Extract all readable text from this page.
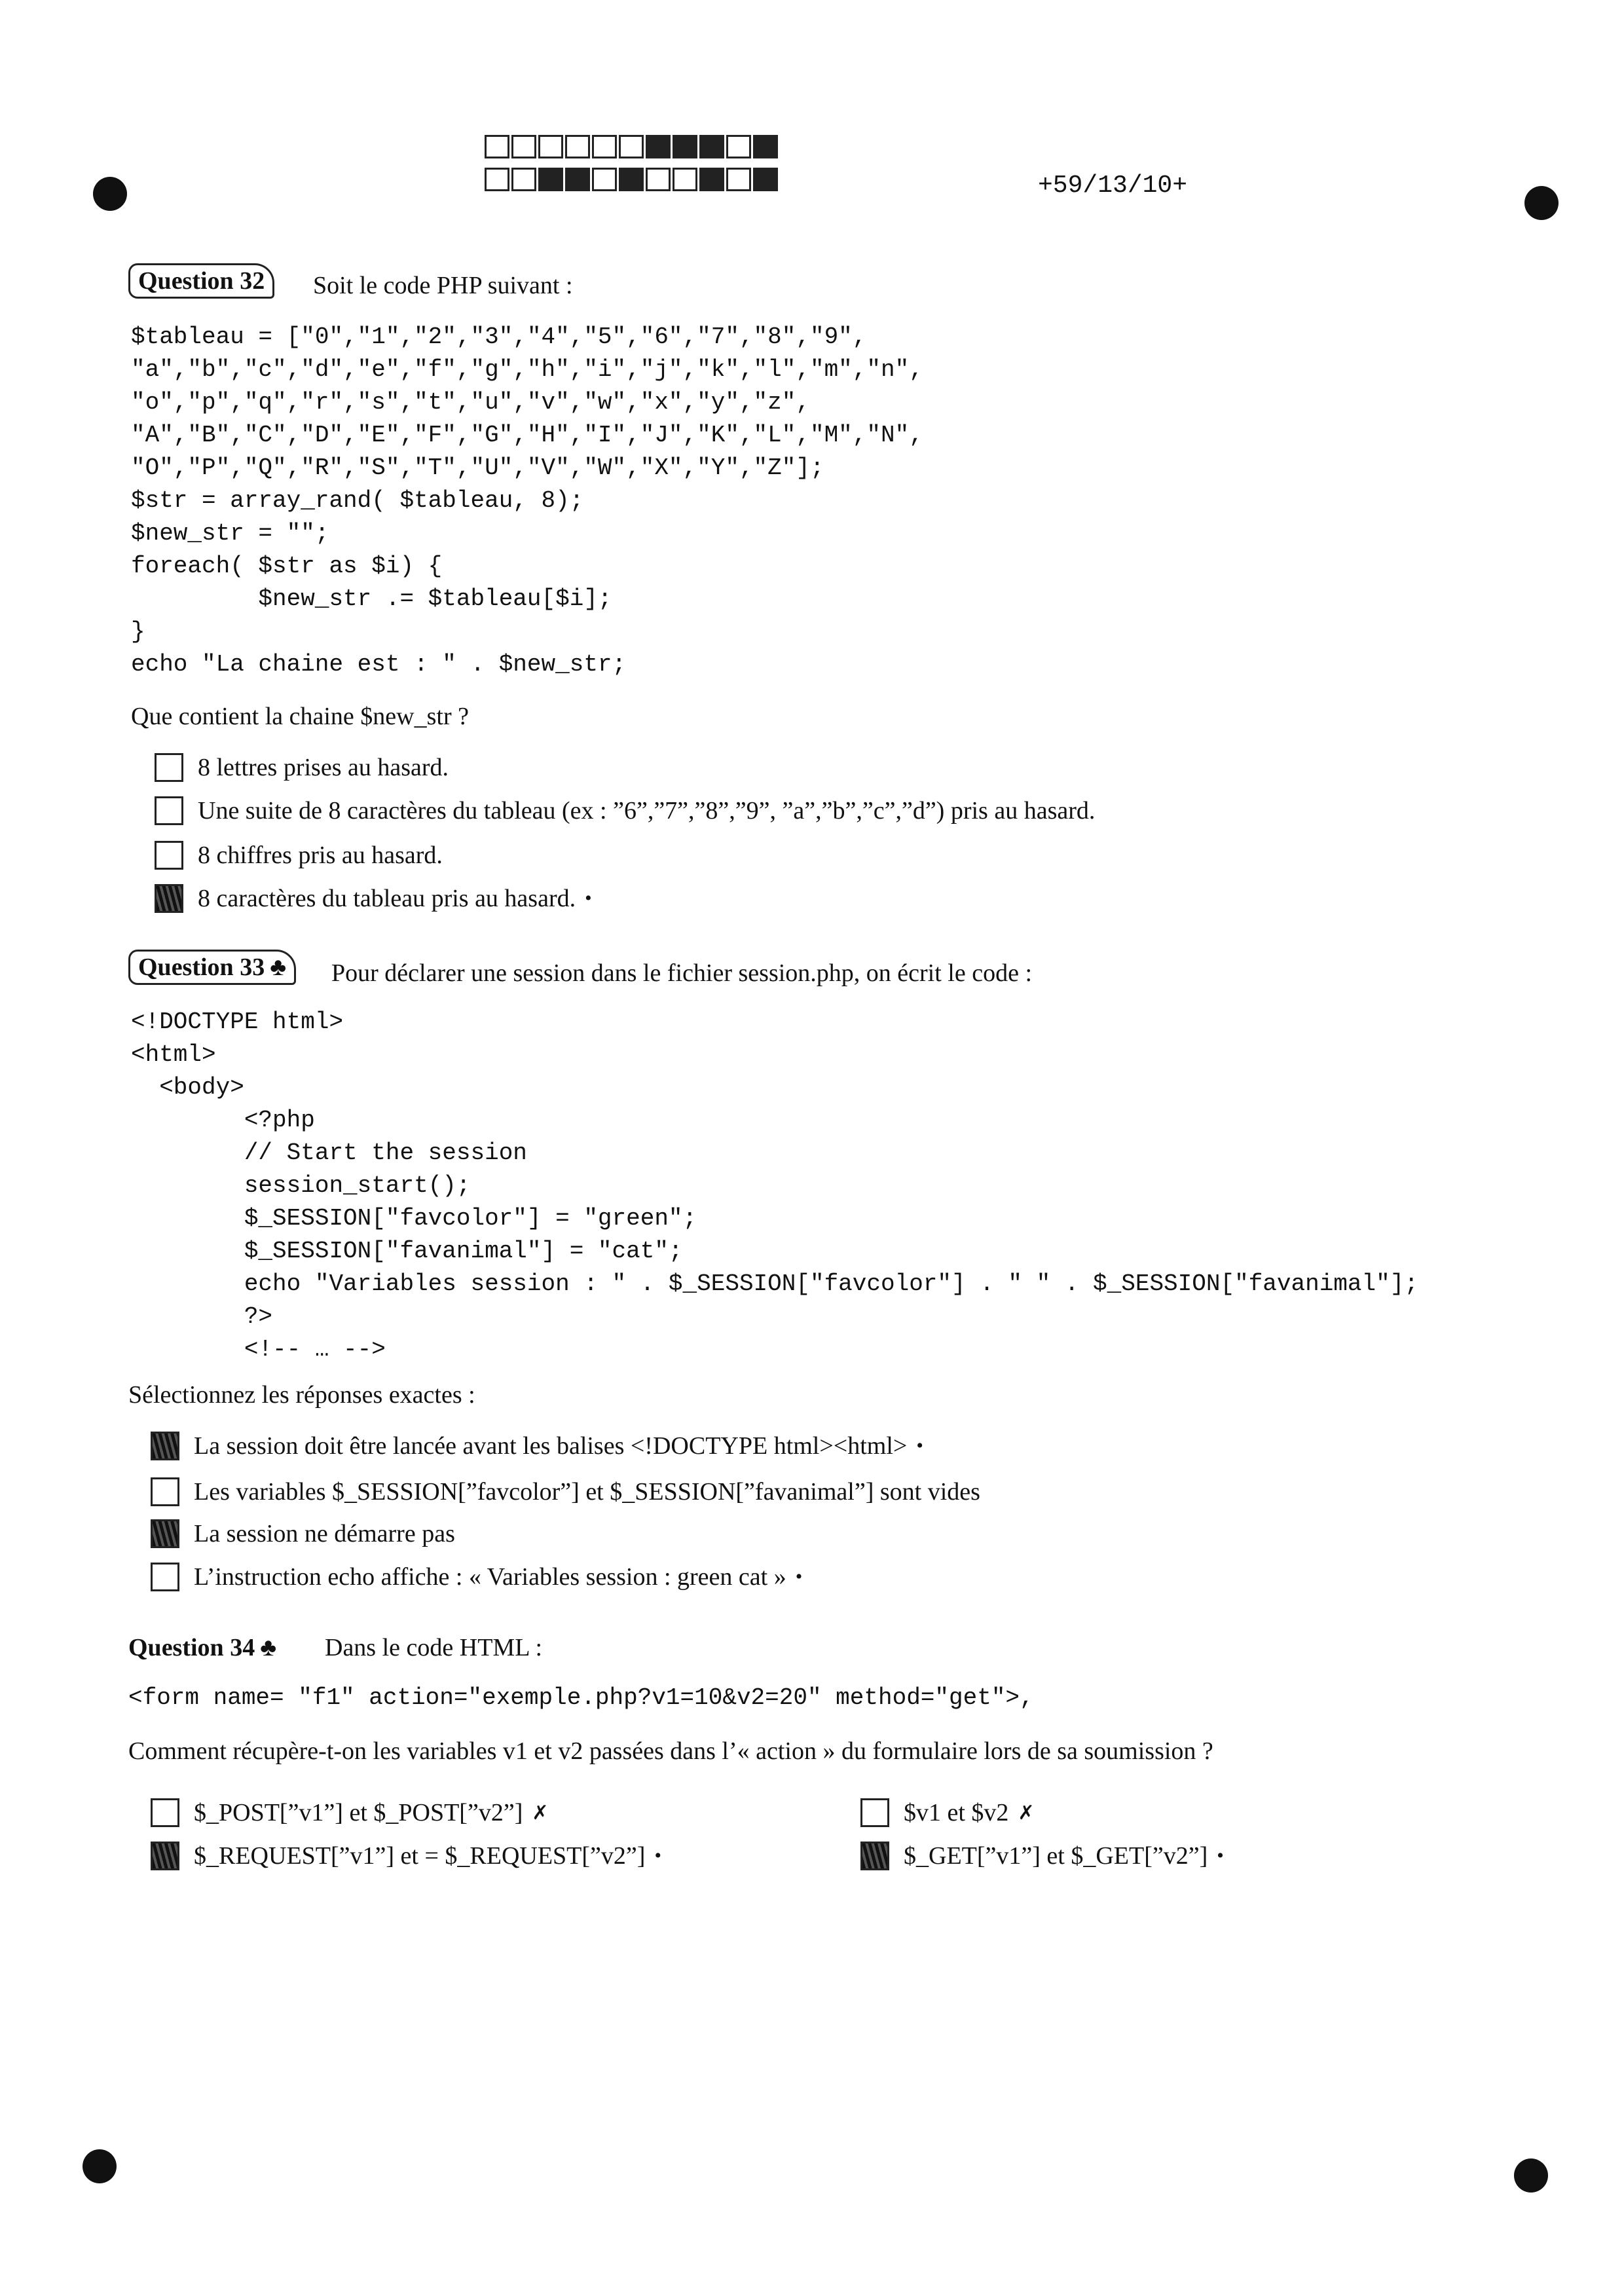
+59/13/10+
Question 32	Soit le code PHP suivant :
$tableau = ["0","1","2","3","4","5","6","7","8","9",
"a","b","c","d","e","f","g","h","i","j","k","l","m","n",
"o","p","q","r","s","t","u","v","w","x","y","z",
"A","B","C","D","E","F","G","H","I","J","K","L","M","N",
"O","P","Q","R","S","T","U","V","W","X","Y","Z"];
$str = array_rand( $tableau, 8);
$new_str = "";
foreach( $str as $i) {
$new_str .= $tableau[$i];
}
echo "La chaine est : " . $new_str;
Que contient la chaine $new_str ?
8 lettres prises au hasard.
Une suite de 8 caractères du tableau (ex : ”6”,”7”,”8”,”9”, ”a”,”b”,”c”,”d”) pris au hasard.
8 chiffres pris au hasard.
8 caractères du tableau pris au hasard. •
Question 33 ♣	Pour déclarer une session dans le fichier session.php, on écrit le code :
<!DOCTYPE html>
<html>
<body>
<?php
// Start the session
session_start();
$_SESSION["favcolor"] = "green";
$_SESSION["favanimal"] = "cat";
echo "Variables session : " . $_SESSION["favcolor"] . " " . $_SESSION["favanimal"];
?>
<!-- … -->
Sélectionnez les réponses exactes :
La session doit être lancée avant les balises <!DOCTYPE html><html> •
Les variables $_SESSION[”favcolor”] et $_SESSION[”favanimal”] sont vides
La session ne démarre pas
L’instruction echo affiche : « Variables session : green cat » •
Question 34 ♣ Dans le code HTML :
<form name= "f1" action="exemple.php?v1=10&v2=20" method="get">,
Comment récupère-t-on les variables v1 et v2 passées dans l’« action » du formulaire lors de sa soumission ?
$_POST[”v1”] et $_POST[”v2”] ✗	$v1 et $v2 ✗
$_REQUEST[”v1”] et = $_REQUEST[”v2”] •	$_GET[”v1”] et $_GET[”v2”] •
